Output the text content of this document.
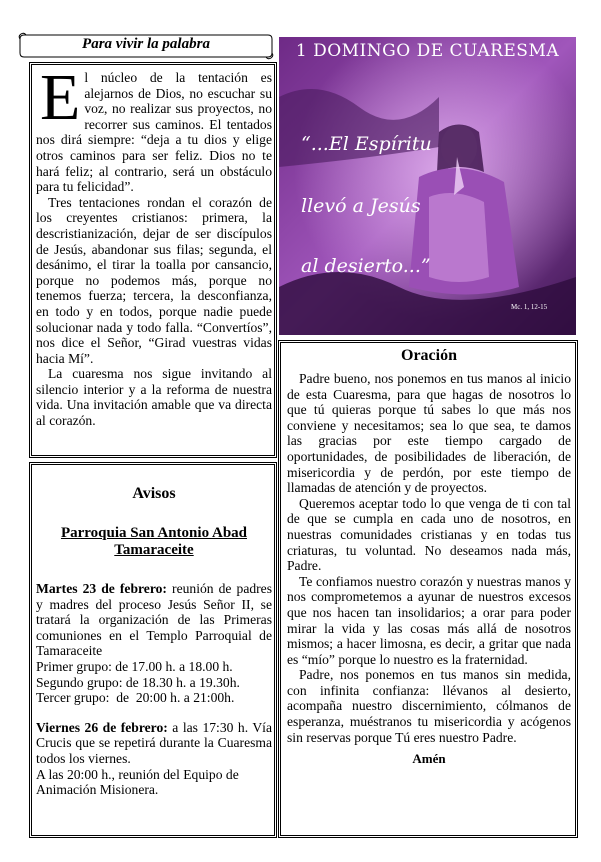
Para vivir la palabra
E l núcleo de la tentación es alejarnos de Dios, no escuchar su voz, no realizar sus proyectos, no recorrer sus caminos. El tentados nos dirá siempre: “deja a tu dios y elige otros caminos para ser feliz. Dios no te hará feliz; al contrario, será un obstáculo para tu felicidad”.

Tres tentaciones rondan el corazón de los creyentes cristianos: primera, la descristianización, dejar de ser discípulos de Jesús, abandonar sus filas; segunda, el desánimo, el tirar la toalla por cansancio, porque no podemos más, porque no tenemos fuerza; tercera, la desconfianza, en todo y en todos, porque nadie puede solucionar nada y todo falla. “Convertíos”, nos dice el Señor, “Girad vuestras vidas hacia Mí”.

La cuaresma nos sigue invitando al silencio interior y a la reforma de nuestra vida. Una invitación amable que va directa al corazón.

1 DOMINGO DE CUARESMA
“...El Espíritu
llevó a Jesús
al desierto...”
Mc. 1, 12-15
Avisos
Parroquia San Antonio Abad Tamaraceite

Martes 23 de febrero: reunión de padres y madres del proceso Jesús Señor II, se tratará la organización de las Primeras comuniones en el Templo Parroquial de Tamaraceite

Primer grupo: de 17.00 h. a 18.00 h.

Segundo grupo: de 18.30 h. a 19.30h.

Tercer grupo:  de  20:00 h. a 21:00h.

Viernes 26 de febrero: a las 17:30 h. Vía Crucis que se repetirá durante la Cuaresma todos los viernes.

A las 20:00 h., reunión del Equipo de Animación Misionera.

Oración

Padre bueno, nos ponemos en tus manos al inicio de esta Cuaresma, para que hagas de nosotros lo que tú quieras porque tú sabes lo que más nos conviene y necesitamos; sea lo que sea, te damos las gracias por este tiempo cargado de oportunidades, de posibilidades de liberación, de misericordia y de perdón, por este tiempo de llamadas de atención y de proyectos.

Queremos aceptar todo lo que venga de ti con tal de que se cumpla en cada uno de nosotros, en nuestras comunidades cristianas y en todas tus criaturas, tu voluntad. No deseamos nada más, Padre.

Te confiamos nuestro corazón y nuestras manos y nos comprometemos a ayunar de nuestros excesos que nos hacen tan insolidarios; a orar para poder mirar la vida y las cosas más allá de nosotros mismos; a hacer limosna, es decir, a gritar que nada es “mío” porque lo nuestro es la fraternidad.

Padre, nos ponemos en tus manos sin medida, con infinita confianza: llévanos al desierto, acompaña nuestro discernimiento, cólmanos de esperanza, muéstranos tu misericordia y acógenos sin reservas porque Tú eres nuestro Padre.

Amén
